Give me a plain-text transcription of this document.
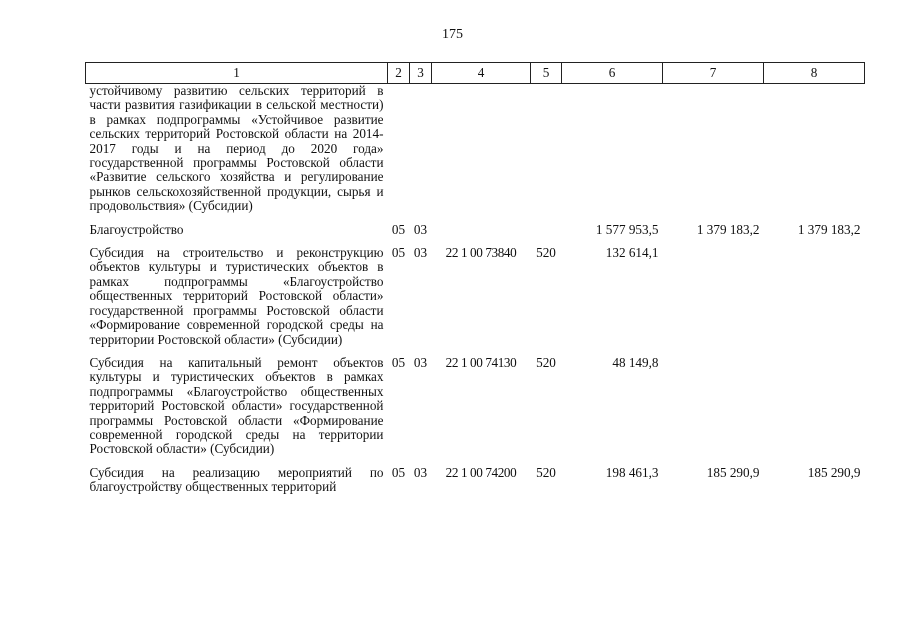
175
1	2	3	4	5	6	7	8
устойчивому развитию сельских территорий в части развития газификации в сельской местности) в рамках подпрограммы «Устойчивое развитие сельских территорий Ростовской области на 2014-2017 годы и на период до 2020 года» государственной программы Ростовской области «Развитие сельского хозяйства и регулирование рынков сельскохозяйственной продукции, сырья и продовольствия» (Субсидии)							
Благоустройство	05	03			1 577 953,5	1 379 183,2	1 379 183,2
Субсидия на строительство и реконструкцию объектов культуры и туристических объектов в рамках подпрограммы «Благоустройство общественных территорий Ростовской области» государственной программы Ростовской области «Формирование современной городской среды на территории Ростовской области» (Субсидии)	05	03	22 1 00 73840	520	132 614,1		
Субсидия на капитальный ремонт объектов культуры и туристических объектов в рамках подпрограммы «Благоустройство общественных территорий Ростовской области» государственной программы Ростовской области «Формирование современной городской среды на территории Ростовской области» (Субсидии)	05	03	22 1 00 74130	520	48 149,8		
Субсидия на реализацию мероприятий по благоустройству общественных территорий	05	03	22 1 00 74200	520	198 461,3	185 290,9	185 290,9
